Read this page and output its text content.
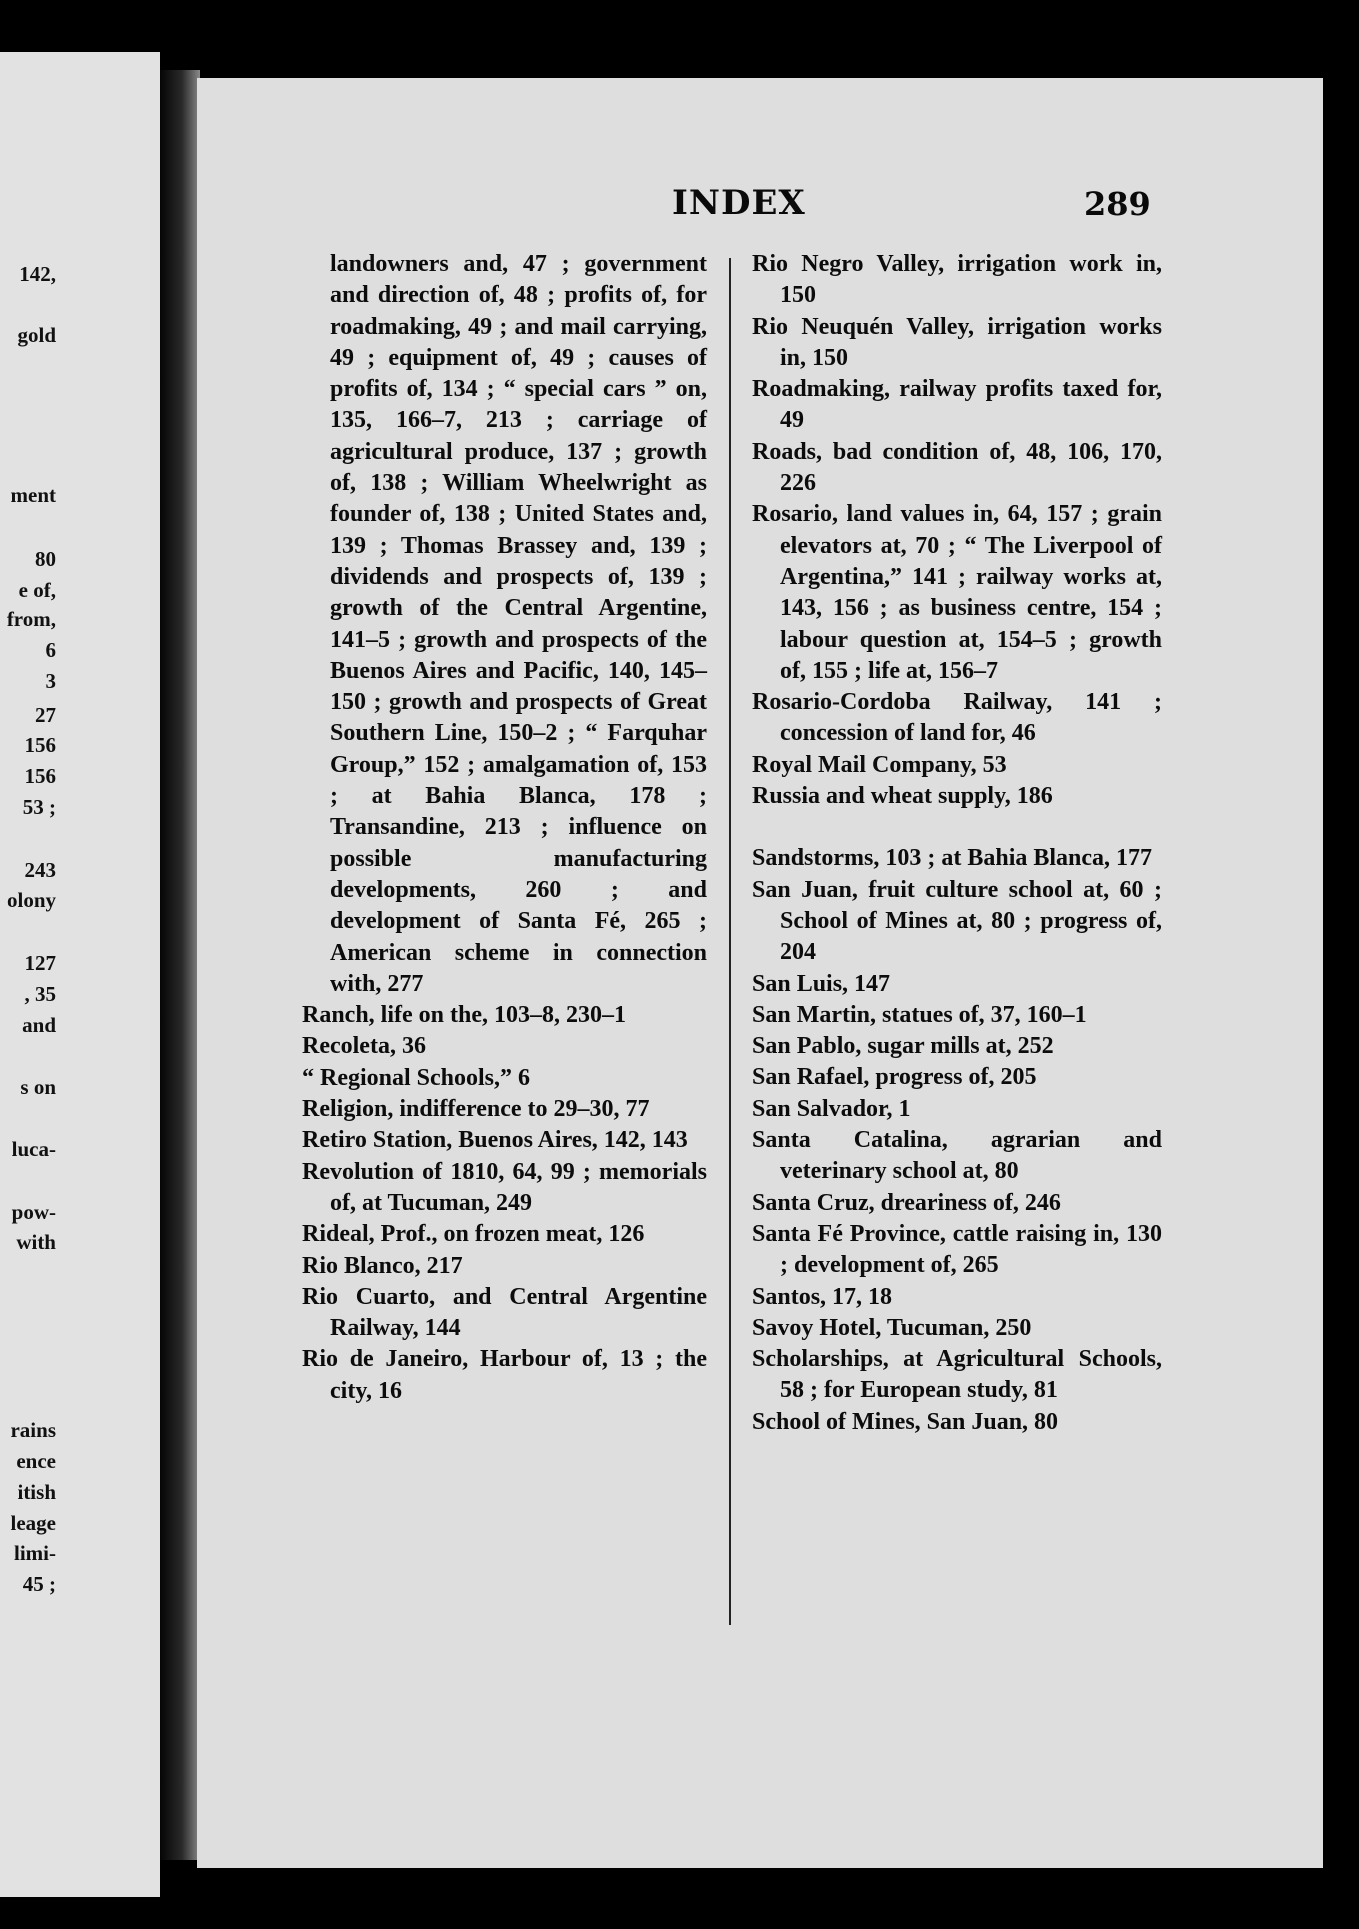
INDEX	289

landowners and, 47 ; government and direction of, 48 ; profits of, for roadmaking, 49 ; and mail carrying, 49 ; equipment of, 49 ; causes of profits of, 134 ; “ special cars ” on, 135, 166–7, 213 ; carriage of agricultural produce, 137 ; growth of, 138 ; William Wheelwright as founder of, 138 ; United States and, 139 ; Thomas Brassey and, 139 ; dividends and prospects of, 139 ; growth of the Central Argentine, 141–5 ; growth and prospects of the Buenos Aires and Pacific, 140, 145–150 ; growth and prospects of Great Southern Line, 150–2 ; “ Farquhar Group,” 152 ; amalgamation of, 153 ; at Bahia Blanca, 178 ; Transandine, 213 ; influence on possible manufacturing developments, 260 ; and development of Santa Fé, 265 ; American scheme in connection with, 277

Ranch, life on the, 103–8, 230–1

Recoleta, 36

“ Regional Schools,” 6

Religion, indifference to 29–30, 77

Retiro Station, Buenos Aires, 142, 143

Revolution of 1810, 64, 99 ; memorials of, at Tucuman, 249

Rideal, Prof., on frozen meat, 126

Rio Blanco, 217

Rio Cuarto, and Central Argentine Railway, 144

Rio de Janeiro, Harbour of, 13 ; the city, 16

Rio Negro Valley, irrigation work in, 150

Rio Neuquén Valley, irrigation works in, 150

Roadmaking, railway profits taxed for, 49

Roads, bad condition of, 48, 106, 170, 226

Rosario, land values in, 64, 157 ; grain elevators at, 70 ; “ The Liverpool of Argentina,” 141 ; railway works at, 143, 156 ; as business centre, 154 ; labour question at, 154–5 ; growth of, 155 ; life at, 156–7

Rosario-Cordoba Railway, 141 ; concession of land for, 46

Royal Mail Company, 53

Russia and wheat supply, 186

Sandstorms, 103 ; at Bahia Blanca, 177

San Juan, fruit culture school at, 60 ; School of Mines at, 80 ; progress of, 204

San Luis, 147

San Martin, statues of, 37, 160–1

San Pablo, sugar mills at, 252

San Rafael, progress of, 205

San Salvador, 1

Santa Catalina, agrarian and veterinary school at, 80

Santa Cruz, dreariness of, 246

Santa Fé Province, cattle raising in, 130 ; development of, 265

Santos, 17, 18

Savoy Hotel, Tucuman, 250

Scholarships, at Agricultural Schools, 58 ; for European study, 81

School of Mines, San Juan, 80

142,
gold
ment
80
e of,
from,
6
3
27
156
156
53 ;
243
olony
127
, 35
and
s on
luca-
pow-
with
rains
ence
itish
leage
limi-
45 ;
